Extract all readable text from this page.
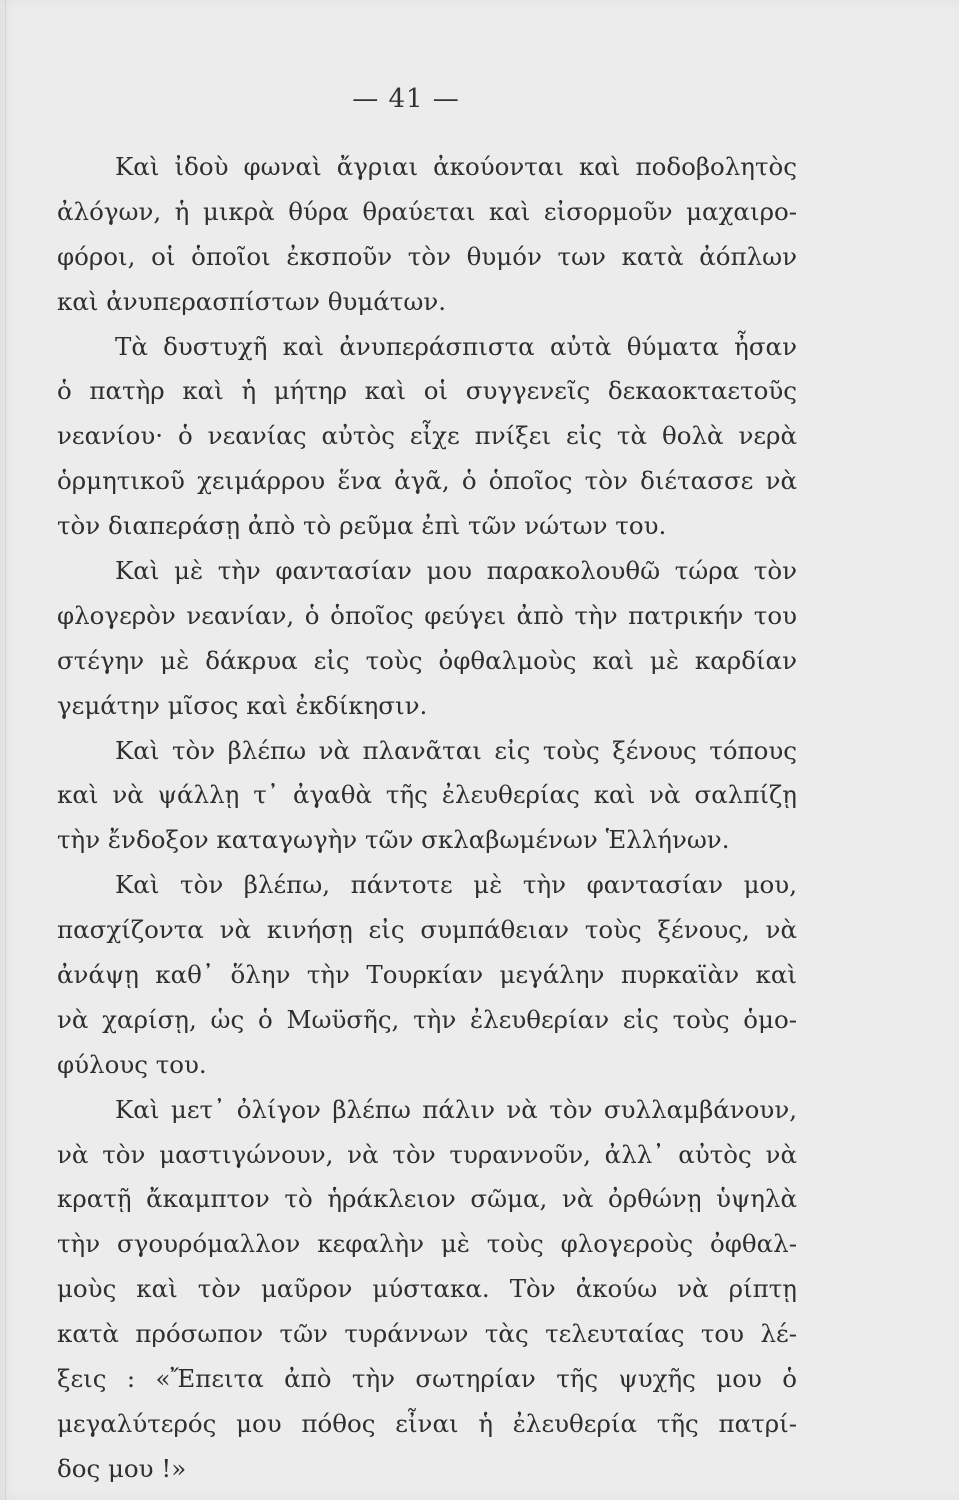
— 41 —
Καὶ ἰδοὺ φωναὶ ἄγριαι ἀκούονται καὶ ποδοβολητὸς
ἀλόγων, ἡ μικρὰ θύρα θραύεται καὶ εἰσορμοῦν μαχαιρο-
φόροι, οἱ ὁποῖοι ἐκσποῦν τὸν θυμόν των κατὰ ἀόπλων
καὶ ἀνυπερασπίστων θυμάτων.
Τὰ δυστυχῆ καὶ ἀνυπεράσπιστα αὐτὰ θύματα ἦσαν
ὁ πατὴρ καὶ ἡ μήτηρ καὶ οἱ συγγενεῖς δεκαοκταετοῦς
νεανίου· ὁ νεανίας αὐτὸς εἶχε πνίξει εἰς τὰ θολὰ νερὰ
ὁρμητικοῦ χειμάρρου ἕνα ἀγᾶ, ὁ ὁποῖος τὸν διέτασσε νὰ
τὸν διαπεράσῃ ἀπὸ τὸ ρεῦμα ἐπὶ τῶν νώτων του.
Καὶ μὲ τὴν φαντασίαν μου παρακολουθῶ τώρα τὸν
φλογερὸν νεανίαν, ὁ ὁποῖος φεύγει ἀπὸ τὴν πατρικήν του
στέγην μὲ δάκρυα εἰς τοὺς ὀφθαλμοὺς καὶ μὲ καρδίαν
γεμάτην μῖσος καὶ ἐκδίκησιν.
Καὶ τὸν βλέπω νὰ πλανᾶται εἰς τοὺς ξένους τόπους
καὶ νὰ ψάλλῃ τ᾽ ἀγαθὰ τῆς ἐλευθερίας καὶ νὰ σαλπίζῃ
τὴν ἔνδοξον καταγωγὴν τῶν σκλαβωμένων Ἑλλήνων.
Καὶ τὸν βλέπω, πάντοτε μὲ τὴν φαντασίαν μου,
πασχίζοντα νὰ κινήσῃ εἰς συμπάθειαν τοὺς ξένους, νὰ
ἀνάψῃ καθ᾽ ὅλην τὴν Τουρκίαν μεγάλην πυρκαϊὰν καὶ
νὰ χαρίσῃ, ὡς ὁ Μωϋσῆς, τὴν ἐλευθερίαν εἰς τοὺς ὁμο-
φύλους του.
Καὶ μετ᾽ ὀλίγον βλέπω πάλιν νὰ τὸν συλλαμβάνουν,
νὰ τὸν μαστιγώνουν, νὰ τὸν τυραννοῦν, ἀλλ᾽ αὐτὸς νὰ
κρατῇ ἄκαμπτον τὸ ἡράκλειον σῶμα, νὰ ὀρθώνῃ ὑψηλὰ
τὴν σγουρόμαλλον κεφαλὴν μὲ τοὺς φλογεροὺς ὀφθαλ-
μοὺς καὶ τὸν μαῦρον μύστακα. Τὸν ἀκούω νὰ ρίπτῃ
κατὰ πρόσωπον τῶν τυράννων τὰς τελευταίας του λέ-
ξεις : «Ἔπειτα ἀπὸ τὴν σωτηρίαν τῆς ψυχῆς μου ὁ
μεγαλύτερός μου πόθος εἶναι ἡ ἐλευθερία τῆς πατρί-
δος μου !»
